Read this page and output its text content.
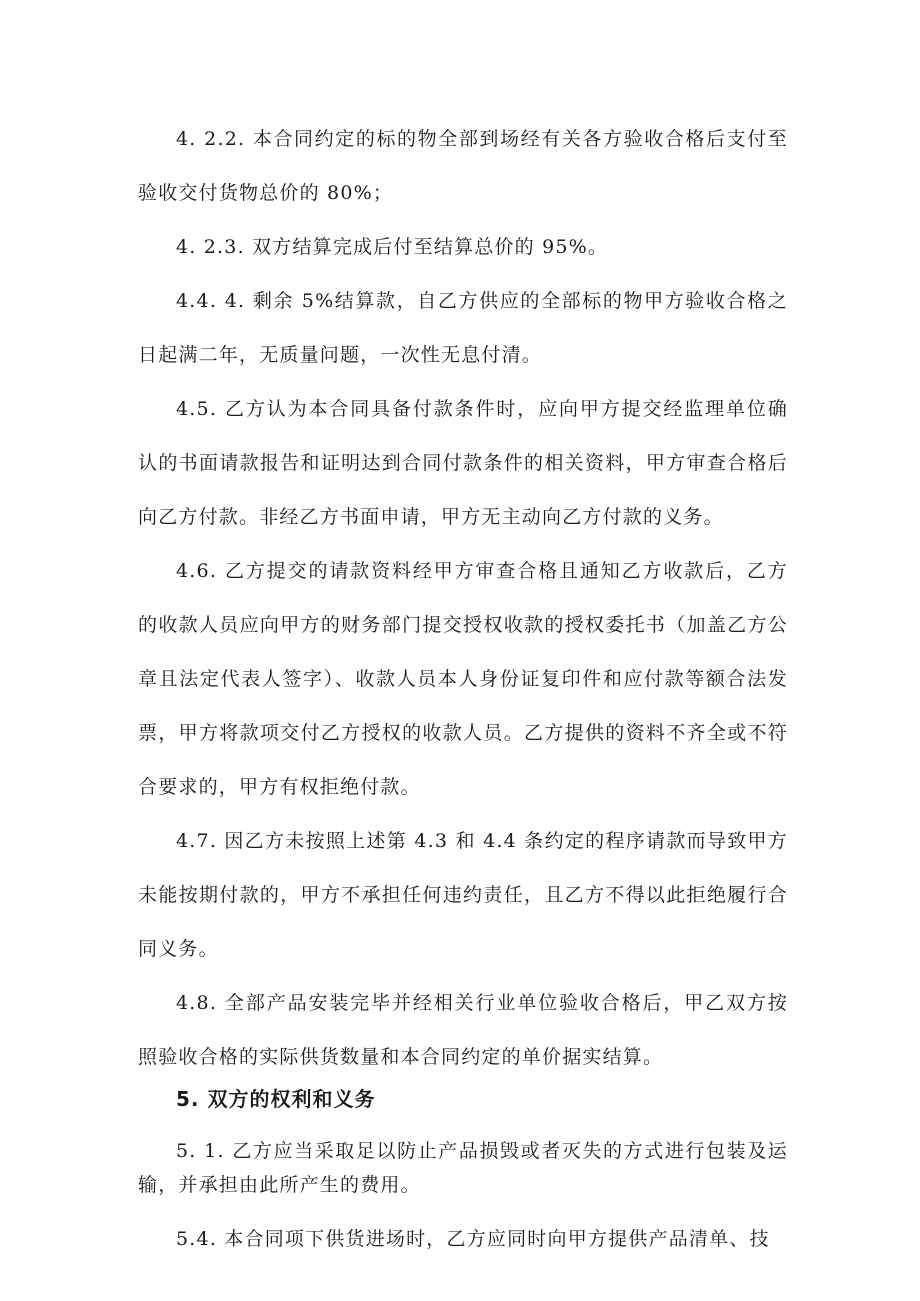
4. 2.2. 本合同约定的标的物全部到场经有关各方验收合格后支付至验收交付货物总价的 80%；

4. 2.3. 双方结算完成后付至结算总价的 95%。

4.4. 4. 剩余 5%结算款，自乙方供应的全部标的物甲方验收合格之日起满二年，无质量问题，一次性无息付清。

4.5. 乙方认为本合同具备付款条件时，应向甲方提交经监理单位确认的书面请款报告和证明达到合同付款条件的相关资料，甲方审查合格后向乙方付款。非经乙方书面申请，甲方无主动向乙方付款的义务。

4.6. 乙方提交的请款资料经甲方审查合格且通知乙方收款后，乙方的收款人员应向甲方的财务部门提交授权收款的授权委托书（加盖乙方公章且法定代表人签字）、收款人员本人身份证复印件和应付款等额合法发票，甲方将款项交付乙方授权的收款人员。乙方提供的资料不齐全或不符合要求的，甲方有权拒绝付款。

4.7. 因乙方未按照上述第 4.3 和 4.4 条约定的程序请款而导致甲方未能按期付款的，甲方不承担任何违约责任，且乙方不得以此拒绝履行合同义务。

4.8. 全部产品安装完毕并经相关行业单位验收合格后，甲乙双方按照验收合格的实际供货数量和本合同约定的单价据实结算。

5. 双方的权利和义务

5. 1. 乙方应当采取足以防止产品损毁或者灭失的方式进行包装及运输，并承担由此所产生的费用。

5.4. 本合同项下供货进场时，乙方应同时向甲方提供产品清单、技
